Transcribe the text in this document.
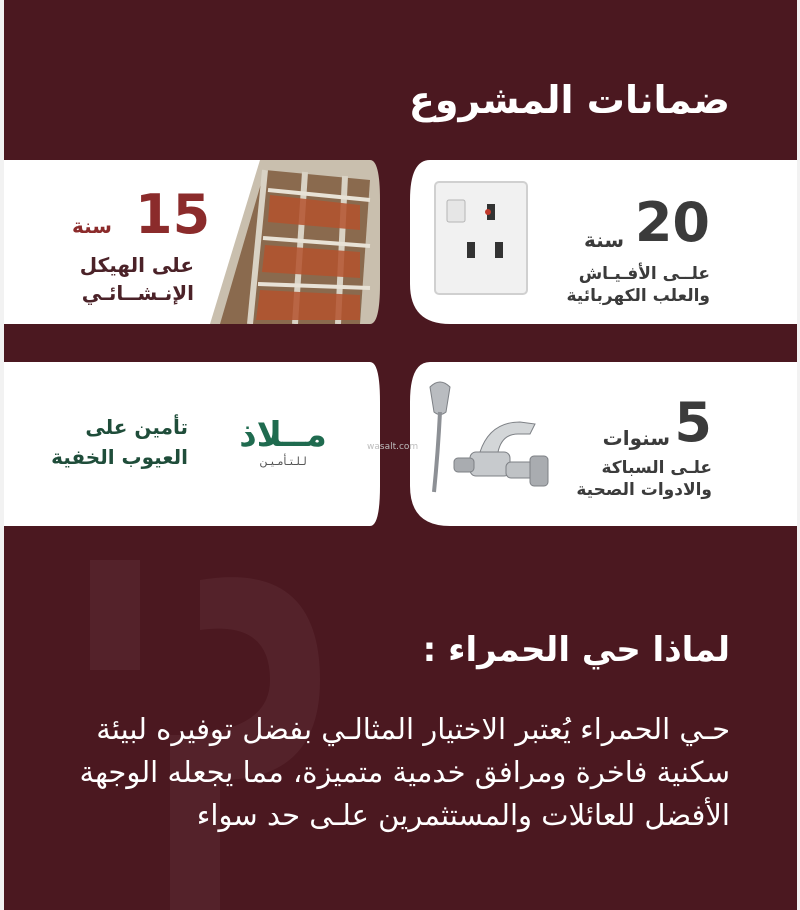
ضمانات المشروع
20
سنة
علــى الأفـيـاش
والعلب الكهربائية
15
سنة
على الهيكل
الإنـشــائـي
5
سنوات
علـى السباكة
والادوات الصحية
مــلاذ
لـلـتـأمـيـن
تأمين على
العيوب الخفية	wasalt.com
لماذا حي الحمراء :
حـي الحمراء يُعتبر الاختيار المثالـي بفضل توفيره لبيئة سكنية فاخرة ومرافق خدمية متميزة، مما يجعله الوجهة الأفضل للعائلات والمستثمرين علـى حد سواء
